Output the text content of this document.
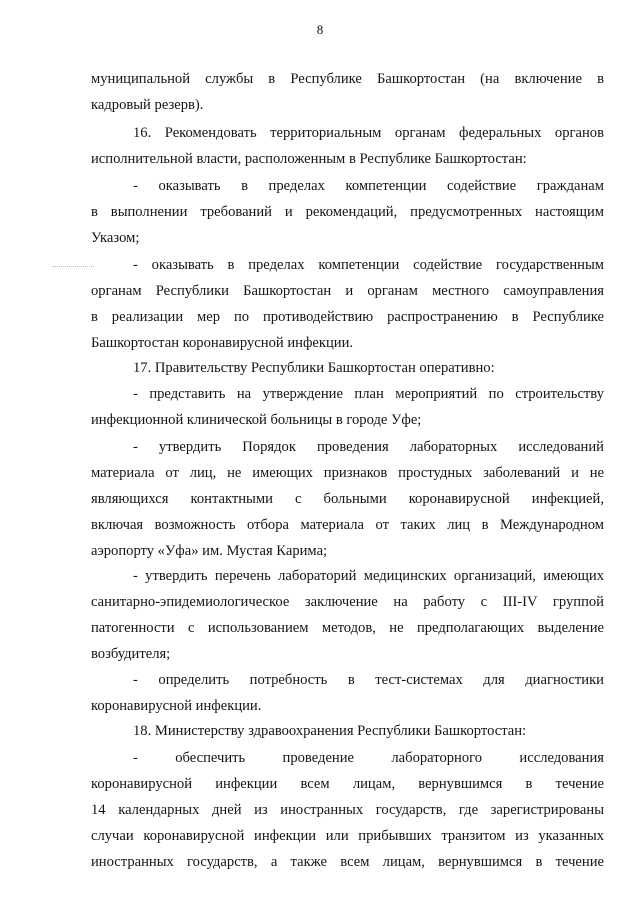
8
муниципальной службы в Республике Башкортостан (на включение в
кадровый резерв).
16. Рекомендовать территориальным органам федеральных органов
исполнительной власти, расположенным в Республике Башкортостан:
- оказывать в пределах компетенции содействие гражданам
в выполнении требований и рекомендаций, предусмотренных настоящим
Указом;
- оказывать в пределах компетенции содействие государственным
органам Республики Башкортостан и органам местного самоуправления
в реализации мер по противодействию распространению в Республике
Башкортостан коронавирусной инфекции.
17. Правительству Республики Башкортостан оперативно:
- представить на утверждение план мероприятий по строительству
инфекционной клинической больницы в городе Уфе;
- утвердить Порядок проведения лабораторных исследований
материала от лиц, не имеющих признаков простудных заболеваний и не
являющихся контактными с больными коронавирусной инфекцией,
включая возможность отбора материала от таких лиц в Международном
аэропорту «Уфа» им. Мустая Карима;
- утвердить перечень лабораторий медицинских организаций, имеющих
санитарно-эпидемиологическое заключение на работу с III-IV группой
патогенности с использованием методов, не предполагающих выделение
возбудителя;
- определить потребность в тест-системах для диагностики
коронавирусной инфекции.
18. Министерству здравоохранения Республики Башкортостан:
- обеспечить проведение лабораторного исследования
коронавирусной инфекции всем лицам, вернувшимся в течение
14 календарных дней из иностранных государств, где зарегистрированы
случаи коронавирусной инфекции или прибывших транзитом из указанных
иностранных государств, а также всем лицам, вернувшимся в течение
